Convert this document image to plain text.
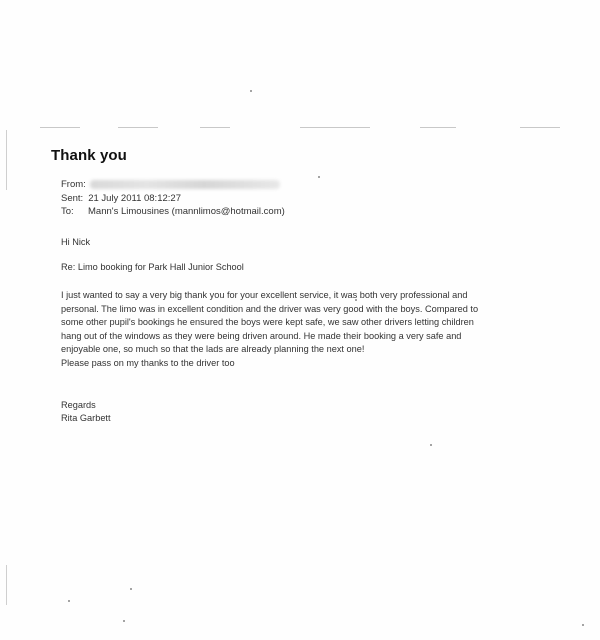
Thank you
From:
Sent: 21 July 2011 08:12:27
To:	Mann's Limousines (mannlimos@hotmail.com)
Hi Nick
Re: Limo booking for Park Hall Junior School
I just wanted to say a very big thank you for your excellent service, it was both very professional and
personal. The limo was in excellent condition and the driver was very good with the boys. Compared to
some other pupil's bookings he ensured the boys were kept safe, we saw other drivers letting children
hang out of the windows as they were being driven around. He made their booking a very safe and
enjoyable one, so much so that the lads are already planning the next one!
Please pass on my thanks to the driver too
Regards
Rita Garbett
